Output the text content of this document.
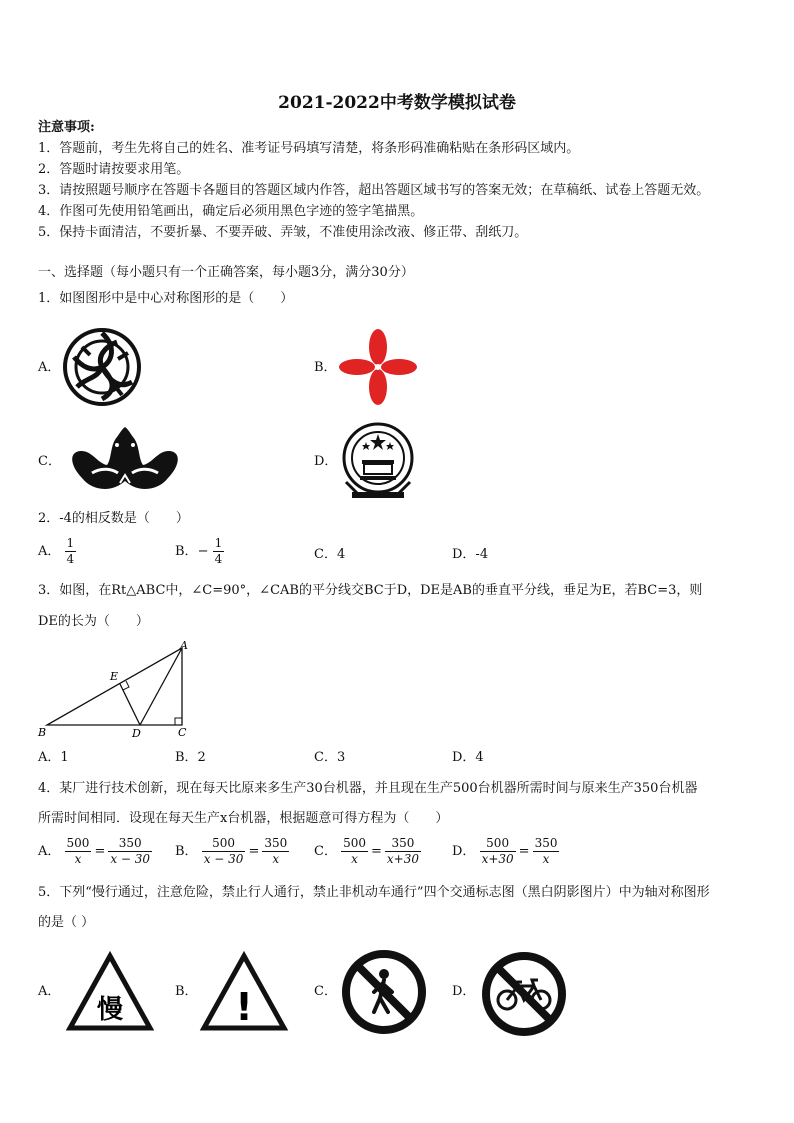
2021-2022中考数学模拟试卷
注意事项:
1．答题前，考生先将自己的姓名、准考证号码填写清楚，将条形码准确粘贴在条形码区域内。
2．答题时请按要求用笔。
3．请按照题号顺序在答题卡各题目的答题区域内作答，超出答题区域书写的答案无效；在草稿纸、试卷上答题无效。
4．作图可先使用铅笔画出，确定后必须用黑色字迹的签字笔描黑。
5．保持卡面清洁，不要折暴、不要弄破、弄皱，不准使用涂改液、修正带、刮纸刀。
一、选择题（每小题只有一个正确答案，每小题3分，满分30分）
1．如图图形中是中心对称图形的是（　　）
A．	B．
C．	D．
2．-4的相反数是（　　）
A． $\frac{1}{4}$	B．− $\frac{1}{4}$	C．4	D．-4
3．如图，在Rt△ABC中，∠C=90°，∠CAB的平分线交BC于D，DE是AB的垂直平分线，垂足为E，若BC=3，则
DE的长为（　　）
A
B	C
D
E
A．1	B．2	C．3	D．4
4．某厂进行技术创新，现在每天比原来多生产30台机器，并且现在生产500台机器所需时间与原来生产350台机器
所需时间相同．设现在每天生产x台机器，根据题意可得方程为（　　）
A． $\frac{500}{x} = \frac{350}{x - 30}$ B． $\frac{500}{x - 30} = \frac{350}{x}$ C． $\frac{500}{x} = \frac{350}{x+30}$ D． $\frac{500}{x+30} = \frac{350}{x}$
5．下列“慢行通过，注意危险，禁止行人通行，禁止非机动车通行”四个交通标志图（黑白阴影图片）中为轴对称图形
的是（ ）
A．	B．	C．	D．
慢	!
